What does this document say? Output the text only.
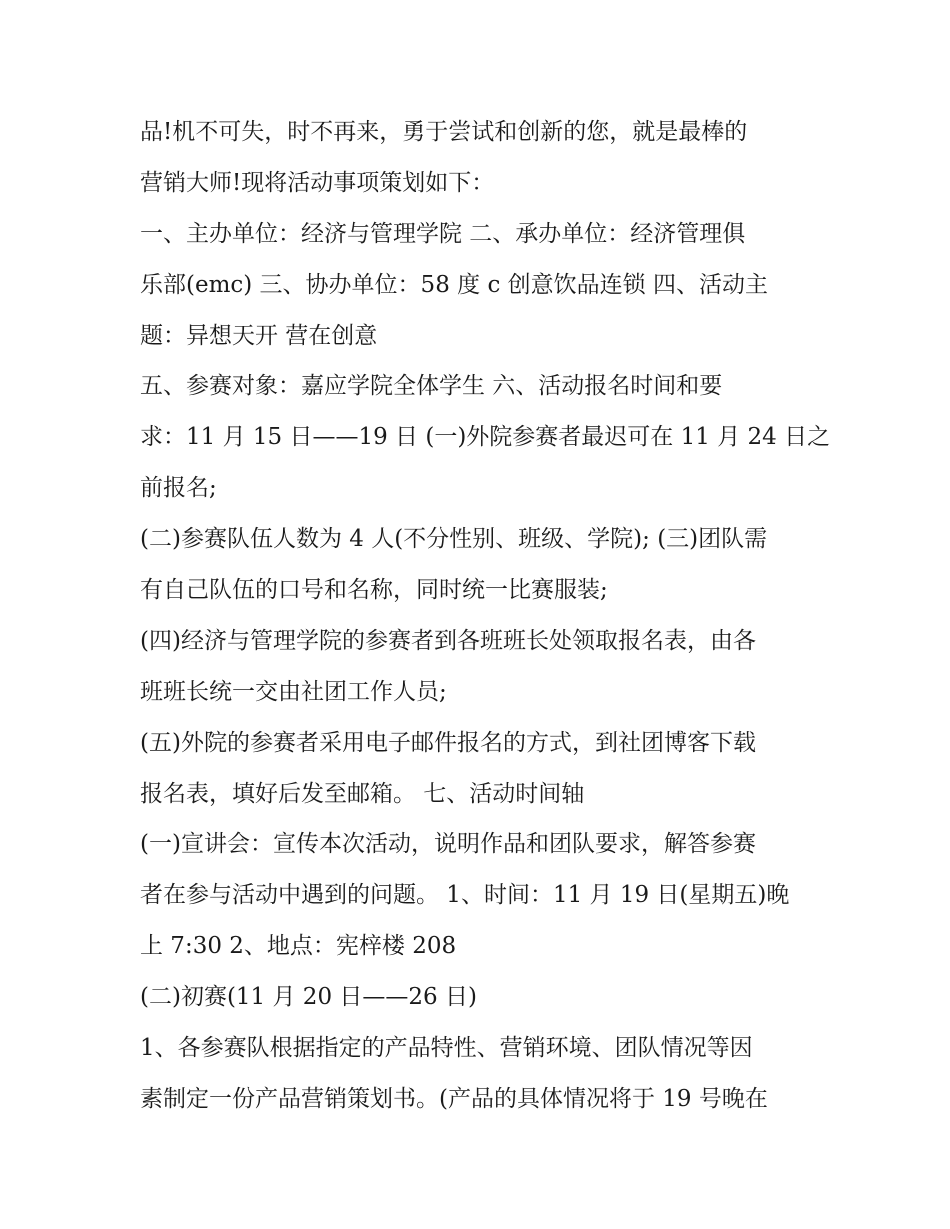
品!机不可失，时不再来，勇于尝试和创新的您，就是最棒的
营销大师!现将活动事项策划如下：
一、主办单位：经济与管理学院 二、承办单位：经济管理俱
乐部(emc) 三、协办单位：58 度 c 创意饮品连锁 四、活动主
题：异想天开 营在创意
五、参赛对象：嘉应学院全体学生 六、活动报名时间和要
求：11 月 15 日——19 日 (一)外院参赛者最迟可在 11 月 24 日之
前报名;
(二)参赛队伍人数为 4 人(不分性别、班级、学院); (三)团队需
有自己队伍的口号和名称，同时统一比赛服装;
(四)经济与管理学院的参赛者到各班班长处领取报名表，由各
班班长统一交由社团工作人员;
(五)外院的参赛者采用电子邮件报名的方式，到社团博客下载
报名表，填好后发至邮箱。 七、活动时间轴
(一)宣讲会：宣传本次活动，说明作品和团队要求，解答参赛
者在参与活动中遇到的问题。 1、时间：11 月 19 日(星期五)晚
上 7:30 2、地点：宪梓楼 208
(二)初赛(11 月 20 日——26 日)
1、各参赛队根据指定的产品特性、营销环境、团队情况等因
素制定一份产品营销策划书。(产品的具体情况将于 19 号晚在
